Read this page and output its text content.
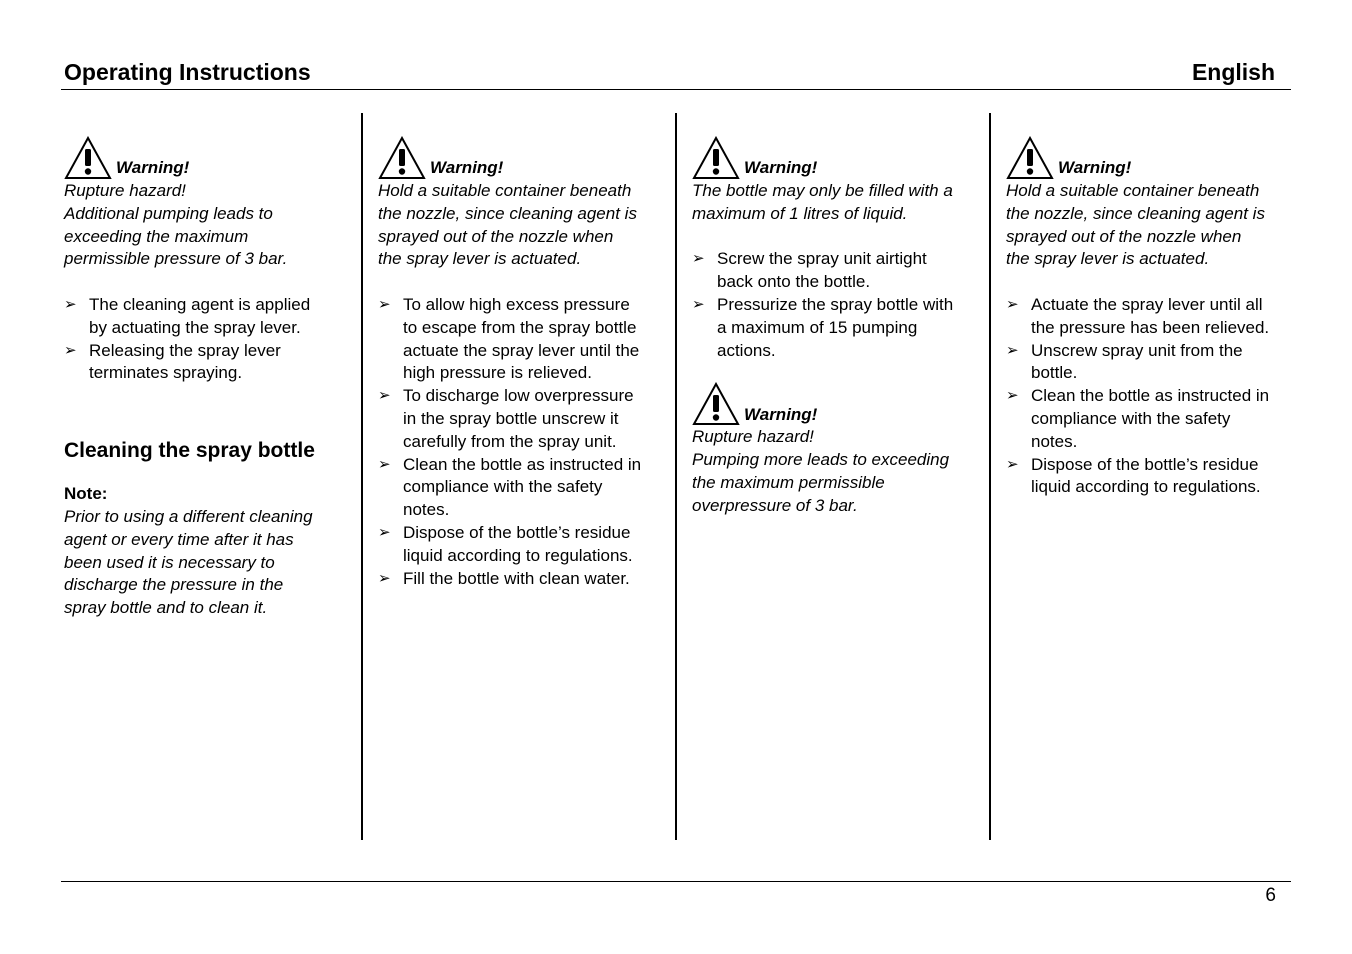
Operating Instructions	English
Warning!
Rupture hazard!
Additional pumping leads to
exceeding the maximum
permissible pressure of 3 bar.
➢ The cleaning agent is applied
by actuating the spray lever.
➢ Releasing the spray lever
terminates spraying.
Cleaning the spray bottle
Note:
Prior to using a different cleaning
agent or every time after it has
been used it is necessary to
discharge the pressure in the
spray bottle and to clean it.
Warning!
Hold a suitable container beneath
the nozzle, since cleaning agent is
sprayed out of the nozzle when
the spray lever is actuated.
➢ To allow high excess pressure
to escape from the spray bottle
actuate the spray lever until the
high pressure is relieved.
➢ To discharge low overpressure
in the spray bottle unscrew it
carefully from the spray unit.
➢ Clean the bottle as instructed in
compliance with the safety
notes.
➢ Dispose of the bottle’s residue
liquid according to regulations.
➢ Fill the bottle with clean water.
Warning!
The bottle may only be filled with a
maximum of 1 litres of liquid.
➢ Screw the spray unit airtight
back onto the bottle.
➢ Pressurize the spray bottle with
a maximum of 15 pumping
actions.
Warning!
Rupture hazard!
Pumping more leads to exceeding
the maximum permissible
overpressure of 3 bar.
Warning!
Hold a suitable container beneath
the nozzle, since cleaning agent is
sprayed out of the nozzle when
the spray lever is actuated.
➢ Actuate the spray lever until all
the pressure has been relieved.
➢ Unscrew spray unit from the
bottle.
➢ Clean the bottle as instructed in
compliance with the safety
notes.
➢ Dispose of the bottle’s residue
liquid according to regulations.
6
